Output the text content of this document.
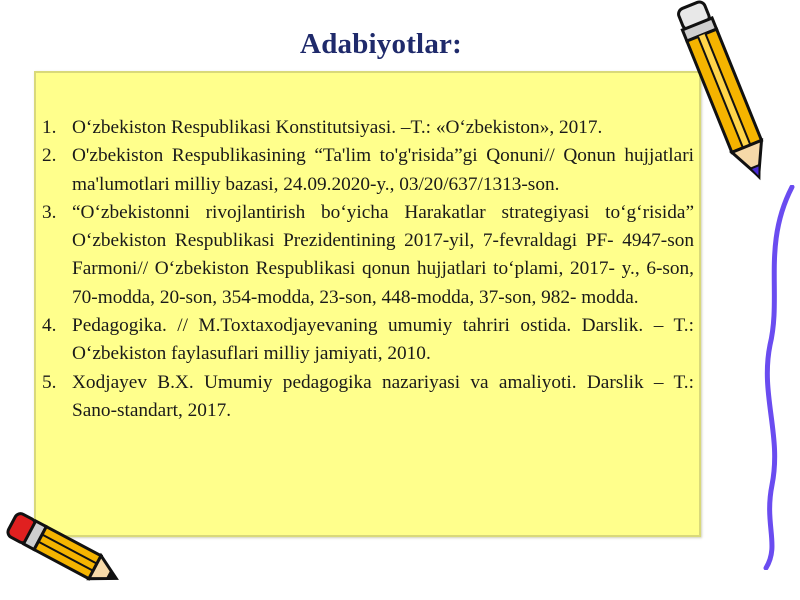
Adabiyotlar:
1. O‘zbekiston Respublikasi Konstitutsiyasi. –T.: «O‘zbekiston», 2017.
2. O'zbekiston Respublikasining “Ta'lim to'g'risida”gi Qonuni// Qonun hujjatlari ma'lumotlari milliy bazasi, 24.09.2020-y., 03/20/637/1313-son.
3. “O‘zbekistonni rivojlantirish bo‘yicha Harakatlar strategiyasi to‘g‘risida” O‘zbekiston Respublikasi Prezidentining 2017-yil, 7-fevraldagi PF- 4947-son Farmoni// O‘zbekiston Respublikasi qonun hujjatlari to‘plami, 2017- y., 6-son, 70-modda, 20-son, 354-modda, 23-son, 448-modda, 37-son, 982- modda.
4. Pedagogika. // M.Toxtaxodjayevaning umumiy tahriri ostida. Darslik. – T.: O‘zbekiston faylasuflari milliy jamiyati, 2010.
5. Xodjayev B.X. Umumiy pedagogika nazariyasi va amaliyoti. Darslik – T.: Sano-standart, 2017.
